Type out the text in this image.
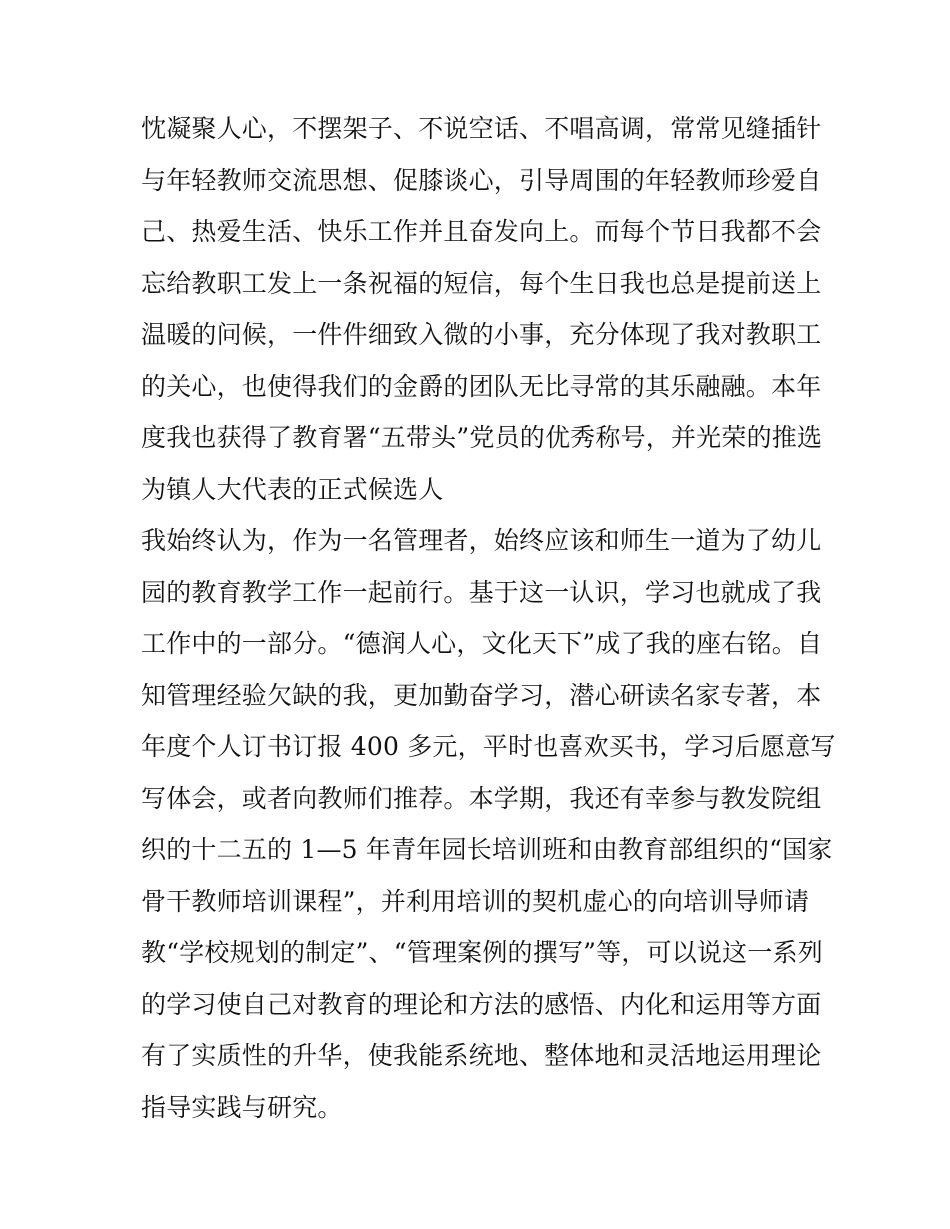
忱凝聚人心，不摆架子、不说空话、不唱高调，常常见缝插针
与年轻教师交流思想、促膝谈心，引导周围的年轻教师珍爱自
己、热爱生活、快乐工作并且奋发向上。而每个节日我都不会
忘给教职工发上一条祝福的短信，每个生日我也总是提前送上
温暖的问候，一件件细致入微的小事，充分体现了我对教职工
的关心，也使得我们的金爵的团队无比寻常的其乐融融。本年
度我也获得了教育署“五带头”党员的优秀称号，并光荣的推选
为镇人大代表的正式候选人
我始终认为，作为一名管理者，始终应该和师生一道为了幼儿
园的教育教学工作一起前行。基于这一认识，学习也就成了我
工作中的一部分。“德润人心，文化天下”成了我的座右铭。自
知管理经验欠缺的我，更加勤奋学习，潜心研读名家专著，本
年度个人订书订报 400 多元，平时也喜欢买书，学习后愿意写
写体会，或者向教师们推荐。本学期，我还有幸参与教发院组
织的十二五的 1—5 年青年园长培训班和由教育部组织的“国家
骨干教师培训课程”，并利用培训的契机虚心的向培训导师请
教“学校规划的制定”、“管理案例的撰写”等，可以说这一系列
的学习使自己对教育的理论和方法的感悟、内化和运用等方面
有了实质性的升华，使我能系统地、整体地和灵活地运用理论
指导实践与研究。
